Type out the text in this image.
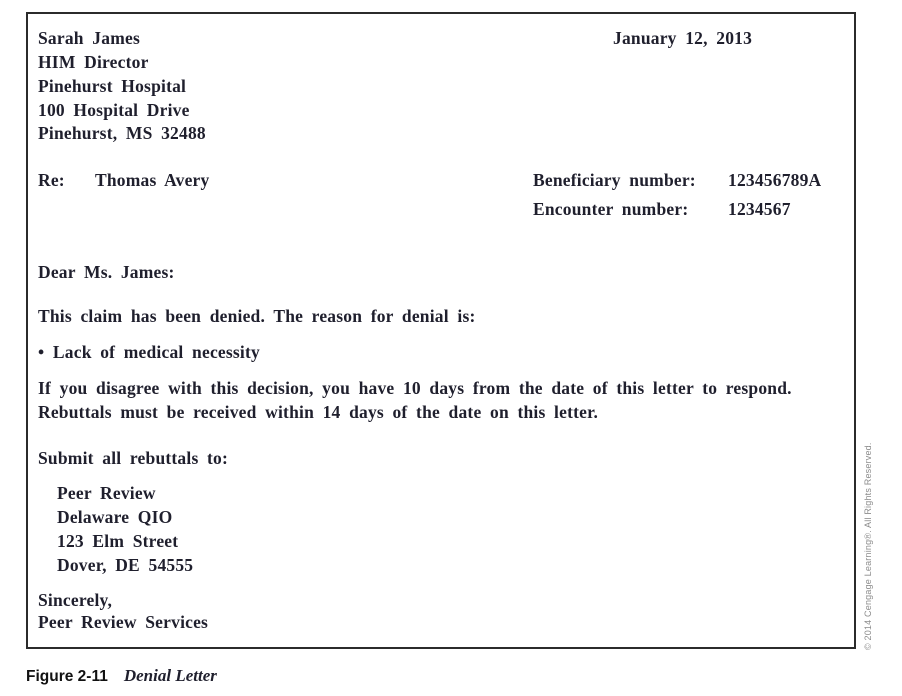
Sarah James
HIM Director
Pinehurst Hospital
100 Hospital Drive
Pinehurst, MS 32488
January 12, 2013
Re: Thomas Avery	Beneficiary number: 123456789A
Encounter number: 1234567
Dear Ms. James:
This claim has been denied. The reason for denial is:
• Lack of medical necessity
If you disagree with this decision, you have 10 days from the date of this letter to respond.
Rebuttals must be received within 14 days of the date on this letter.
Submit all rebuttals to:
Peer Review
Delaware QIO
123 Elm Street
Dover, DE 54555
Sincerely,
Peer Review Services	© 2014 Cengage Learning®. All Rights Reserved.
Figure 2-11 Denial Letter
